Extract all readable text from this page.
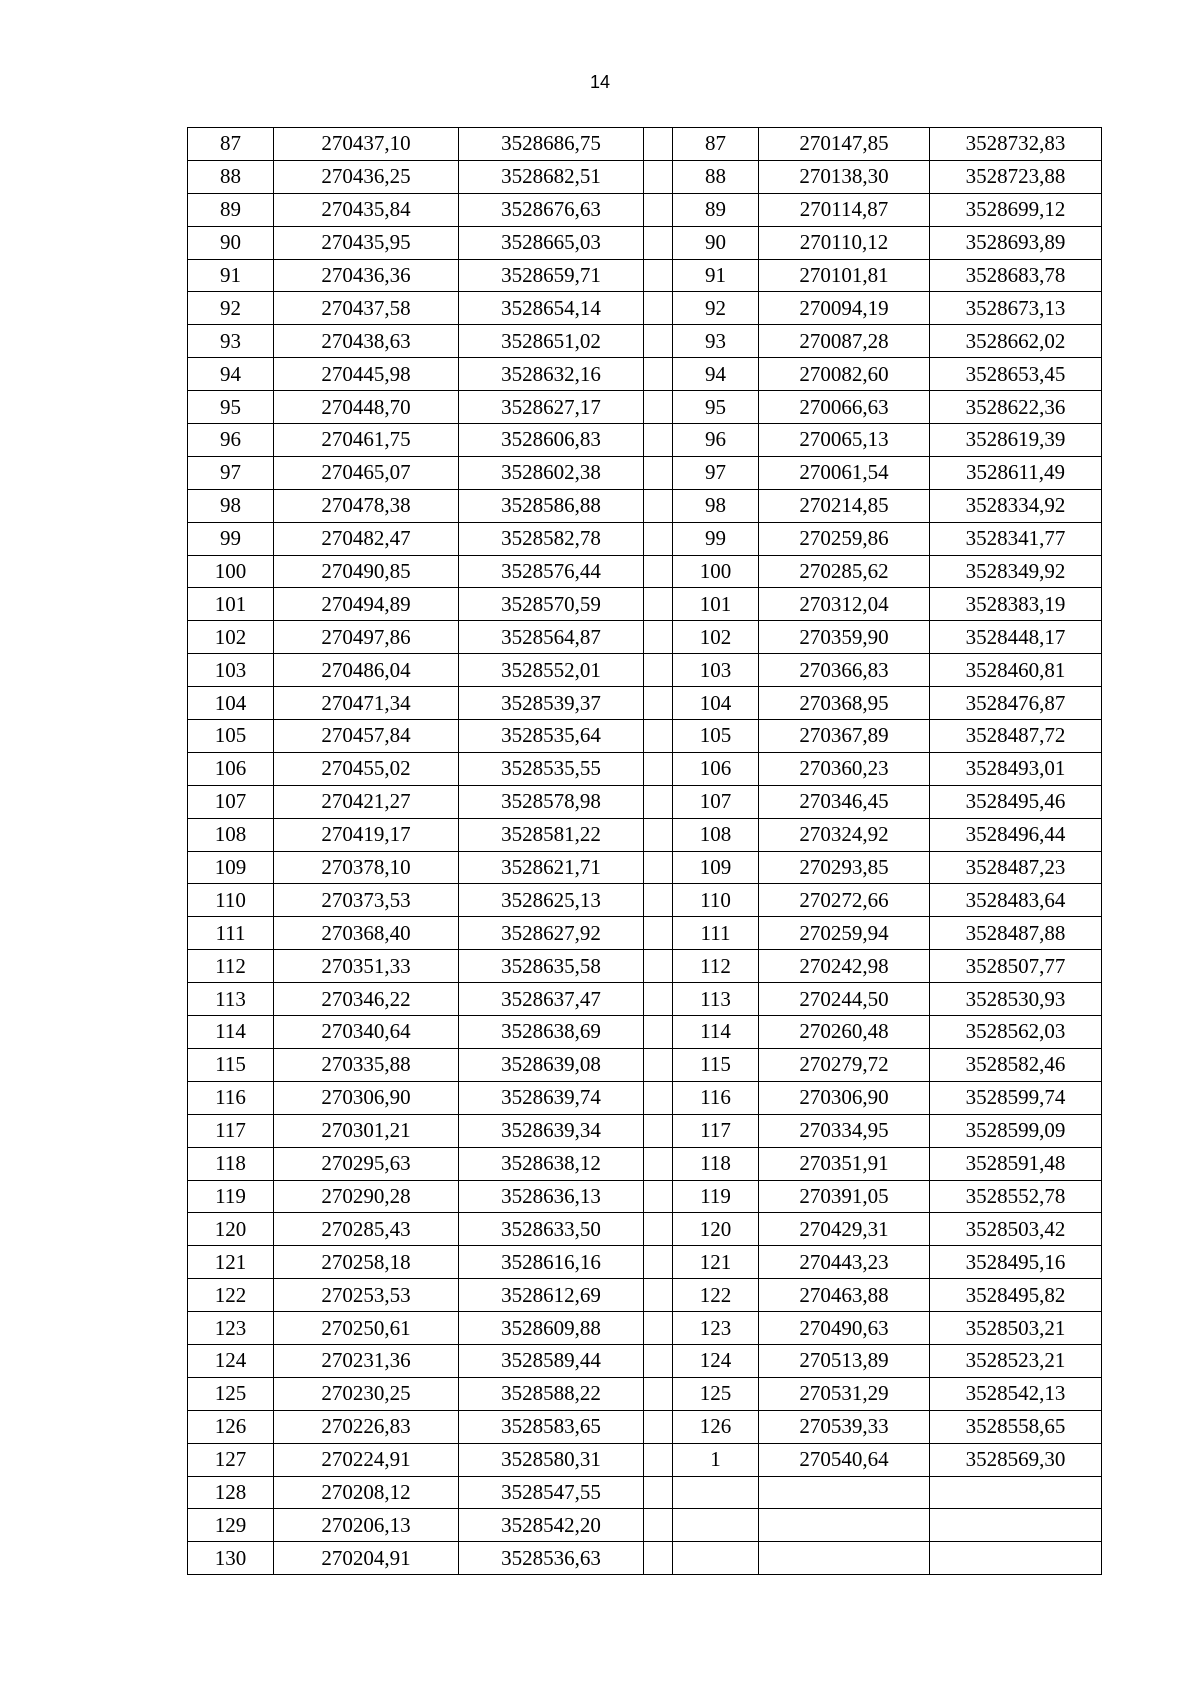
14
87	270437,10	3528686,75		87	270147,85	3528732,83
88	270436,25	3528682,51		88	270138,30	3528723,88
89	270435,84	3528676,63		89	270114,87	3528699,12
90	270435,95	3528665,03		90	270110,12	3528693,89
91	270436,36	3528659,71		91	270101,81	3528683,78
92	270437,58	3528654,14		92	270094,19	3528673,13
93	270438,63	3528651,02		93	270087,28	3528662,02
94	270445,98	3528632,16		94	270082,60	3528653,45
95	270448,70	3528627,17		95	270066,63	3528622,36
96	270461,75	3528606,83		96	270065,13	3528619,39
97	270465,07	3528602,38		97	270061,54	3528611,49
98	270478,38	3528586,88		98	270214,85	3528334,92
99	270482,47	3528582,78		99	270259,86	3528341,77
100	270490,85	3528576,44		100	270285,62	3528349,92
101	270494,89	3528570,59		101	270312,04	3528383,19
102	270497,86	3528564,87		102	270359,90	3528448,17
103	270486,04	3528552,01		103	270366,83	3528460,81
104	270471,34	3528539,37		104	270368,95	3528476,87
105	270457,84	3528535,64		105	270367,89	3528487,72
106	270455,02	3528535,55		106	270360,23	3528493,01
107	270421,27	3528578,98		107	270346,45	3528495,46
108	270419,17	3528581,22		108	270324,92	3528496,44
109	270378,10	3528621,71		109	270293,85	3528487,23
110	270373,53	3528625,13		110	270272,66	3528483,64
111	270368,40	3528627,92		111	270259,94	3528487,88
112	270351,33	3528635,58		112	270242,98	3528507,77
113	270346,22	3528637,47		113	270244,50	3528530,93
114	270340,64	3528638,69		114	270260,48	3528562,03
115	270335,88	3528639,08		115	270279,72	3528582,46
116	270306,90	3528639,74		116	270306,90	3528599,74
117	270301,21	3528639,34		117	270334,95	3528599,09
118	270295,63	3528638,12		118	270351,91	3528591,48
119	270290,28	3528636,13		119	270391,05	3528552,78
120	270285,43	3528633,50		120	270429,31	3528503,42
121	270258,18	3528616,16		121	270443,23	3528495,16
122	270253,53	3528612,69		122	270463,88	3528495,82
123	270250,61	3528609,88		123	270490,63	3528503,21
124	270231,36	3528589,44		124	270513,89	3528523,21
125	270230,25	3528588,22		125	270531,29	3528542,13
126	270226,83	3528583,65		126	270539,33	3528558,65
127	270224,91	3528580,31		1	270540,64	3528569,30
128	270208,12	3528547,55				
129	270206,13	3528542,20				
130	270204,91	3528536,63				
